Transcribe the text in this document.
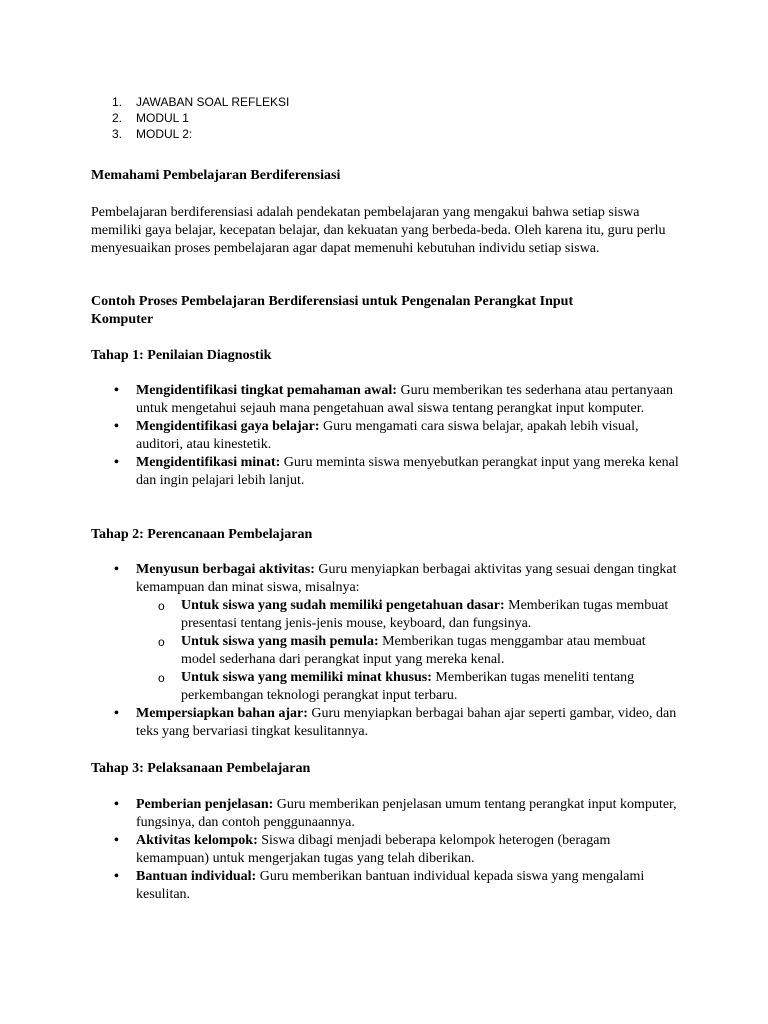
1. JAWABAN SOAL REFLEKSI
2. MODUL 1
3. MODUL 2:

Memahami Pembelajaran Berdiferensiasi

Pembelajaran berdiferensiasi adalah pendekatan pembelajaran yang mengakui bahwa setiap siswa memiliki gaya belajar, kecepatan belajar, dan kekuatan yang berbeda-beda. Oleh karena itu, guru perlu menyesuaikan proses pembelajaran agar dapat memenuhi kebutuhan individu setiap siswa.

Contoh Proses Pembelajaran Berdiferensiasi untuk Pengenalan Perangkat Input Komputer

Tahap 1: Penilaian Diagnostik

• Mengidentifikasi tingkat pemahaman awal: Guru memberikan tes sederhana atau pertanyaan untuk mengetahui sejauh mana pengetahuan awal siswa tentang perangkat input komputer.
• Mengidentifikasi gaya belajar: Guru mengamati cara siswa belajar, apakah lebih visual, auditori, atau kinestetik.
• Mengidentifikasi minat: Guru meminta siswa menyebutkan perangkat input yang mereka kenal dan ingin pelajari lebih lanjut.

Tahap 2: Perencanaan Pembelajaran

• Menyusun berbagai aktivitas: Guru menyiapkan berbagai aktivitas yang sesuai dengan tingkat kemampuan dan minat siswa, misalnya:
o Untuk siswa yang sudah memiliki pengetahuan dasar: Memberikan tugas membuat presentasi tentang jenis-jenis mouse, keyboard, dan fungsinya.
o Untuk siswa yang masih pemula: Memberikan tugas menggambar atau membuat model sederhana dari perangkat input yang mereka kenal.
o Untuk siswa yang memiliki minat khusus: Memberikan tugas meneliti tentang perkembangan teknologi perangkat input terbaru.
• Mempersiapkan bahan ajar: Guru menyiapkan berbagai bahan ajar seperti gambar, video, dan teks yang bervariasi tingkat kesulitannya.

Tahap 3: Pelaksanaan Pembelajaran

• Pemberian penjelasan: Guru memberikan penjelasan umum tentang perangkat input komputer, fungsinya, dan contoh penggunaannya.
• Aktivitas kelompok: Siswa dibagi menjadi beberapa kelompok heterogen (beragam kemampuan) untuk mengerjakan tugas yang telah diberikan.
• Bantuan individual: Guru memberikan bantuan individual kepada siswa yang mengalami kesulitan.
